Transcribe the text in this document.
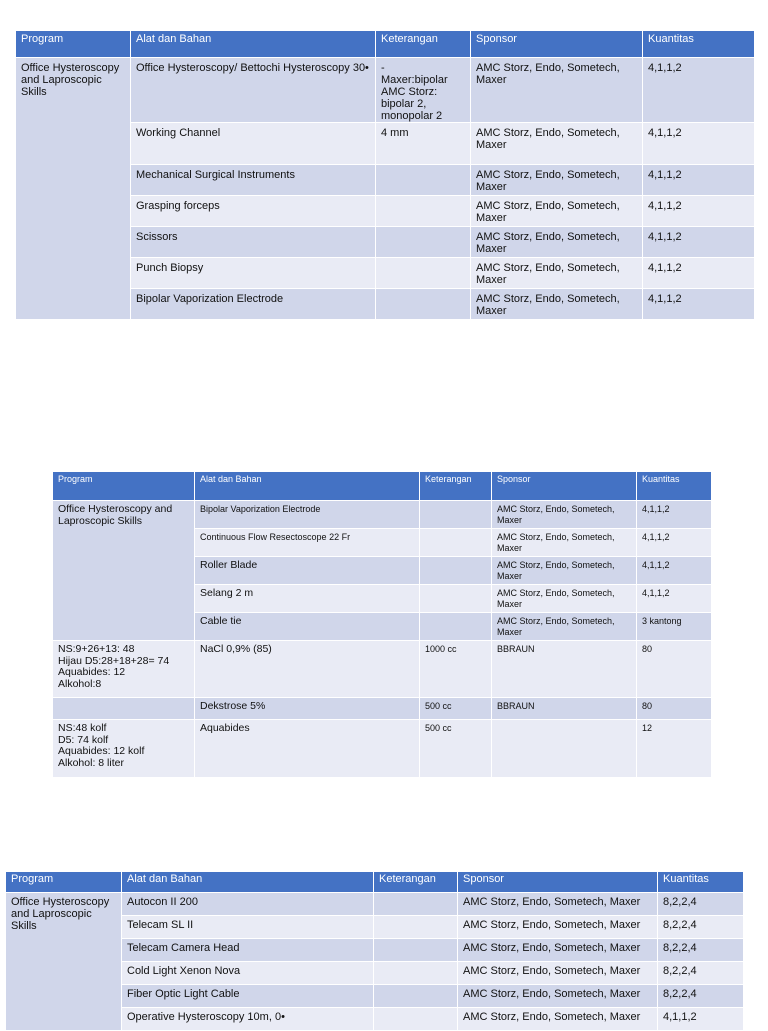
Program	Alat dan Bahan	Keterangan	Sponsor	Kuantitas
Office Hysteroscopy and Laproscopic Skills	Office Hysteroscopy/ Bettochi Hysteroscopy 30•	-
Maxer:bipolar
AMC Storz:
bipolar 2,
monopolar 2	AMC Storz, Endo, Sometech, Maxer	4,1,1,2
	Working Channel	4 mm	AMC Storz, Endo, Sometech, Maxer	4,1,1,2
	Mechanical Surgical Instruments		AMC Storz, Endo, Sometech, Maxer	4,1,1,2
	Grasping forceps		AMC Storz, Endo, Sometech, Maxer	4,1,1,2
	Scissors		AMC Storz, Endo, Sometech, Maxer	4,1,1,2
	Punch Biopsy		AMC Storz, Endo, Sometech, Maxer	4,1,1,2
	Bipolar Vaporization Electrode		AMC Storz, Endo, Sometech, Maxer	4,1,1,2
Program	Alat dan Bahan	Keterangan	Sponsor	Kuantitas
Office Hysteroscopy and Laproscopic Skills	Bipolar Vaporization Electrode		AMC Storz, Endo, Sometech, Maxer	4,1,1,2
	Continuous Flow Resectoscope 22 Fr		AMC Storz, Endo, Sometech, Maxer	4,1,1,2
	Roller Blade		AMC Storz, Endo, Sometech, Maxer	4,1,1,2
	Selang 2 m		AMC Storz, Endo, Sometech, Maxer	4,1,1,2
	Cable tie		AMC Storz, Endo, Sometech, Maxer	3 kantong
NS:9+26+13: 48
Hijau D5:28+18+28= 74
Aquabides: 12
Alkohol:8	NaCl 0,9% (85)	1000 cc	BBRAUN	80
	Dekstrose 5%	500 cc	BBRAUN	80
NS:48 kolf
D5: 74 kolf
Aquabides: 12 kolf
Alkohol: 8 liter	Aquabides	500 cc		12
Program	Alat dan Bahan	Keterangan	Sponsor	Kuantitas
Office Hysteroscopy and Laproscopic Skills	Autocon II 200		AMC Storz, Endo, Sometech, Maxer	8,2,2,4
	Telecam SL II		AMC Storz, Endo, Sometech, Maxer	8,2,2,4
	Telecam Camera Head		AMC Storz, Endo, Sometech, Maxer	8,2,2,4
	Cold Light Xenon Nova		AMC Storz, Endo, Sometech, Maxer	8,2,2,4
	Fiber Optic Light Cable		AMC Storz, Endo, Sometech, Maxer	8,2,2,4
	Operative Hysteroscopy 10m, 0•		AMC Storz, Endo, Sometech, Maxer	4,1,1,2
